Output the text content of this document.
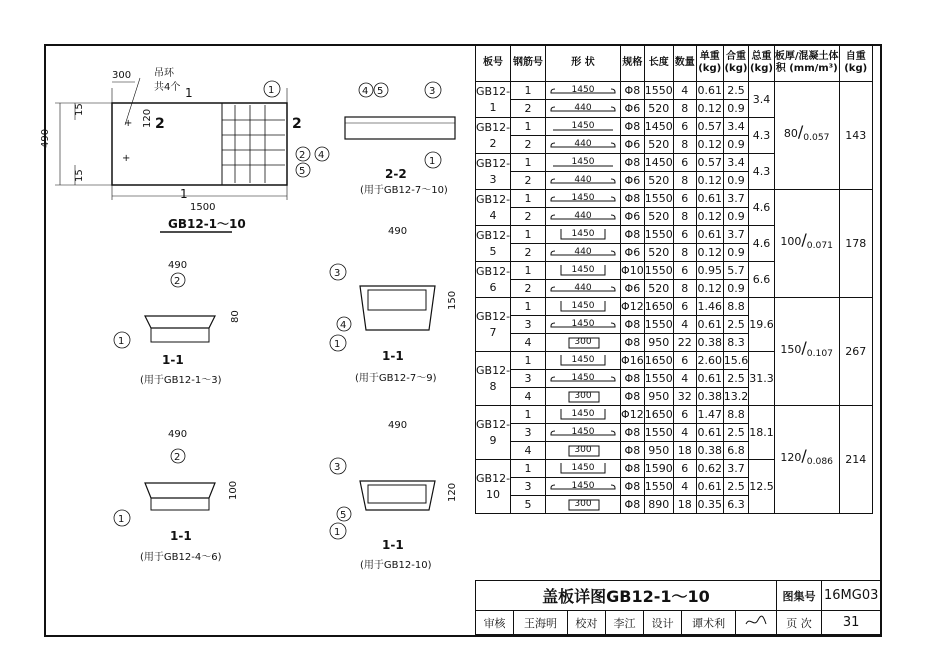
+
+
2	2
1
1
300 吊环
共4个
490
15
15
120
1500
GB12-1～10
1
2 4
5
4 5	3
1
2-2
(用于GB12-7～10)
490
2
80
1
1-1
(用于GB12-1～3)
490
150
3
4
1
1-1
(用于GB12-7～9)
490
2
100
1
1-1
(用于GB12-4～6)
490
120
3
5
1
1-1
(用于GB12-10)
板号	钢筋号	形 状	规格	长度	数量	单重 (kg)	合重 (kg)	总重 (kg)	板厚/混凝土体积 (mm/m³)	自重 (kg)
GB12-1	1	1450	Φ8	1550	4	0.61	2.5	3.4	$80/_{0.057}$	143
	2	440	Φ6	520	8	0.12	0.9			
GB12-2	1	1450	Φ8	1450	6	0.57	3.4	4.3		
	2	440	Φ6	520	8	0.12	0.9			
GB12-3	1	1450	Φ8	1450	6	0.57	3.4	4.3		
	2	440	Φ6	520	8	0.12	0.9			
GB12-4	1	1450	Φ8	1550	6	0.61	3.7	4.6	$100/_{0.071}$	178
	2	440	Φ6	520	8	0.12	0.9			
GB12-5	1	1450	Φ8	1550	6	0.61	3.7	4.6		
	2	440	Φ6	520	8	0.12	0.9			
GB12-6	1	1450	Φ10	1550	6	0.95	5.7	6.6		
	2	440	Φ6	520	8	0.12	0.9			
GB12-7	1	1450	Φ12	1650	6	1.46	8.8	19.6	$150/_{0.107}$	267
	3	1450	Φ8	1550	4	0.61	2.5			
	4	300	Φ8	950	22	0.38	8.3			
GB12-8	1	1450	Φ16	1650	6	2.60	15.6	31.3		
	3	1450	Φ8	1550	4	0.61	2.5			
	4	300	Φ8	950	32	0.38	13.2			
GB12-9	1	1450	Φ12	1650	6	1.47	8.8	18.1	$120/_{0.086}$	214
	3	1450	Φ8	1550	4	0.61	2.5			
	4	300	Φ8	950	18	0.38	6.8			
GB12-10	1	1450	Φ8	1590	6	0.62	3.7	12.5		
	3	1450	Φ8	1550	4	0.61	2.5			
	5	300	Φ8	890	18	0.35	6.3			
盖板详图GB12-1～10							图集号	16MG03
审核	王海明	校对	李江	设计	谭术利		页 次	31
